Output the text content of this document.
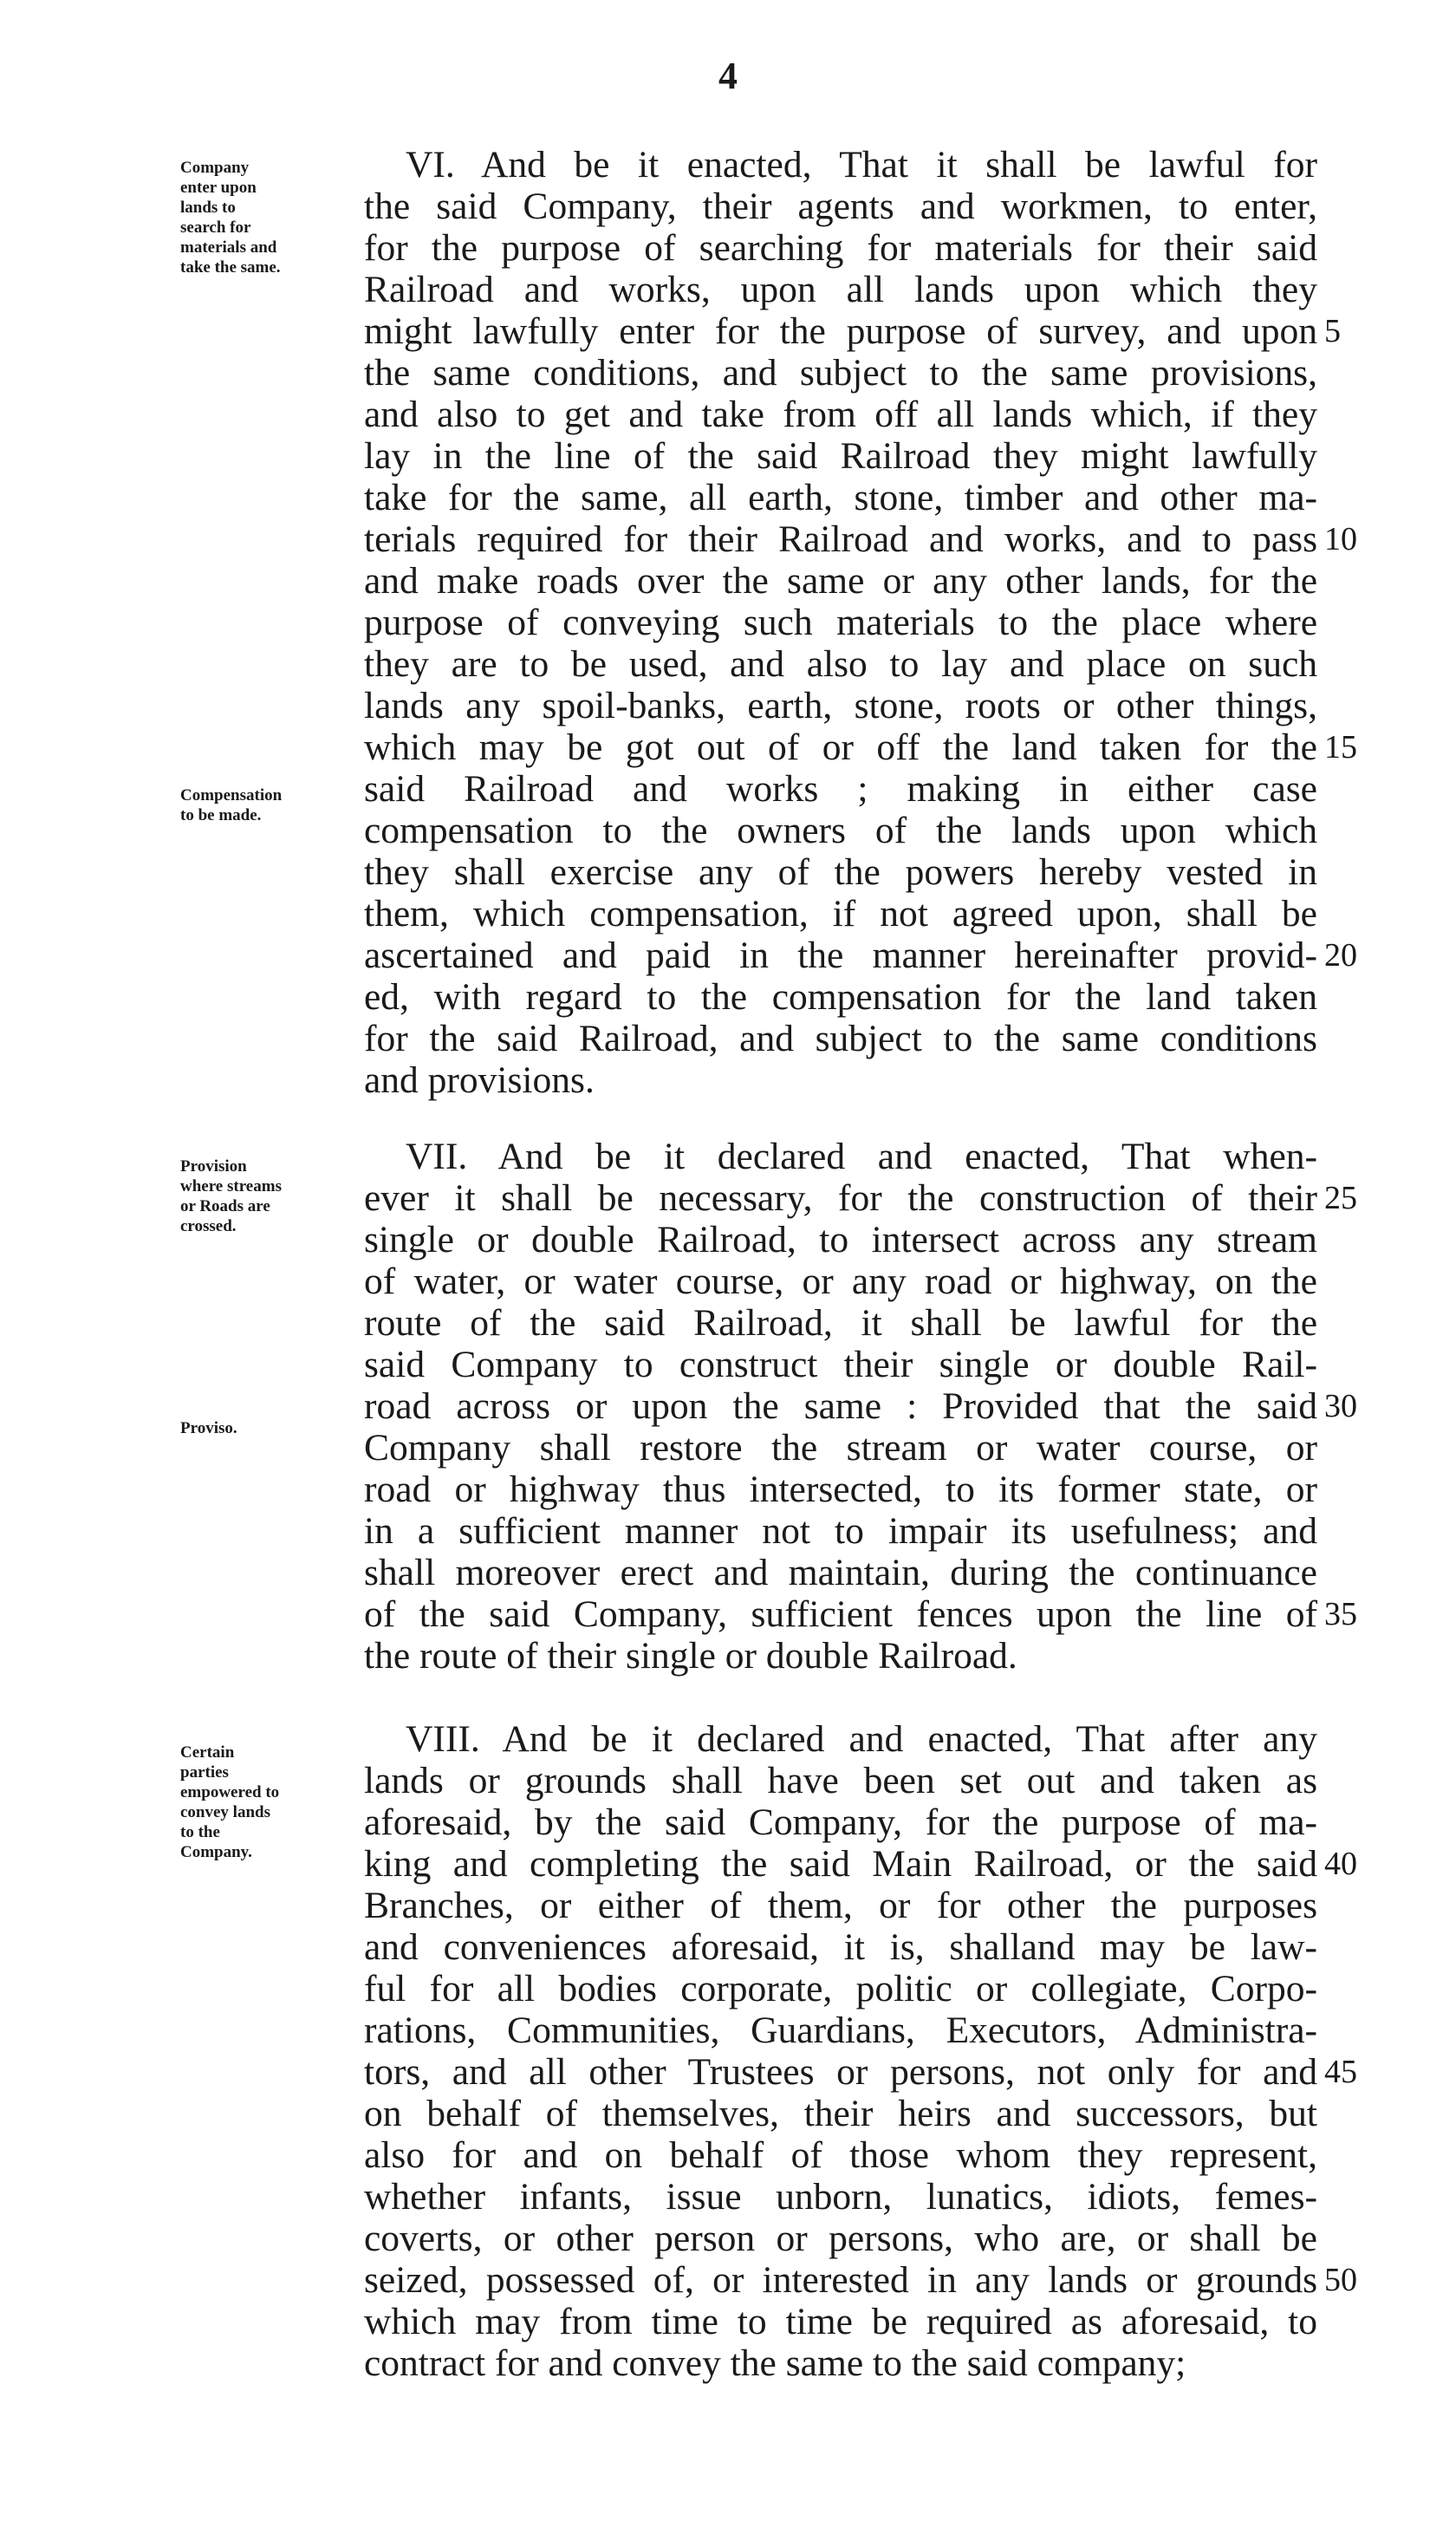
4
Company
enter upon
lands to
search for
materials and
take the same.
Compensation
to be made.
Provision
where streams
or Roads are
crossed.
Proviso.
Certain
parties
empowered to
convey lands
to the
Company.
VI. And be it enacted, That it shall be lawful for
the said Company, their agents and workmen, to enter,
for the purpose of searching for materials for their said
Railroad and works, upon all lands upon which they
might lawfully enter for the purpose of survey, and upon
the same conditions, and subject to the same provisions,
and also to get and take from off all lands which, if they
lay in the line of the said Railroad they might lawfully
take for the same, all earth, stone, timber and other ma-
terials required for their Railroad and works, and to pass
and make roads over the same or any other lands, for the
purpose of conveying such materials to the place where
they are to be used, and also to lay and place on such
lands any spoil-banks, earth, stone, roots or other things,
which may be got out of or off the land taken for the
said Railroad and works ; making in either case
compensation to the owners of the lands upon which
they shall exercise any of the powers hereby vested in
them, which compensation, if not agreed upon, shall be
ascertained and paid in the manner hereinafter provid-
ed, with regard to the compensation for the land taken
for the said Railroad, and subject to the same conditions
and provisions.
VII. And be it declared and enacted, That when-
ever it shall be necessary, for the construction of their
single or double Railroad, to intersect across any stream
of water, or water course, or any road or highway, on the
route of the said Railroad, it shall be lawful for the
said Company to construct their single or double Rail-
road across or upon the same : Provided that the said
Company shall restore the stream or water course, or
road or highway thus intersected, to its former state, or
in a sufficient manner not to impair its usefulness; and
shall moreover erect and maintain, during the continuance
of the said Company, sufficient fences upon the line of
the route of their single or double Railroad.
VIII. And be it declared and enacted, That after any
lands or grounds shall have been set out and taken as
aforesaid, by the said Company, for the purpose of ma-
king and completing the said Main Railroad, or the said
Branches, or either of them, or for other the purposes
and conveniences aforesaid, it is, shalland may be law-
ful for all bodies corporate, politic or collegiate, Corpo-
rations, Communities, Guardians, Executors, Administra-
tors, and all other Trustees or persons, not only for and
on behalf of themselves, their heirs and successors, but
also for and on behalf of those whom they represent,
whether infants, issue unborn, lunatics, idiots, femes-
coverts, or other person or persons, who are, or shall be
seized, possessed of, or interested in any lands or grounds
which may from time to time be required as aforesaid, to
contract for and convey the same to the said company;
5
10
15
20
25
30
35
40
45
50
